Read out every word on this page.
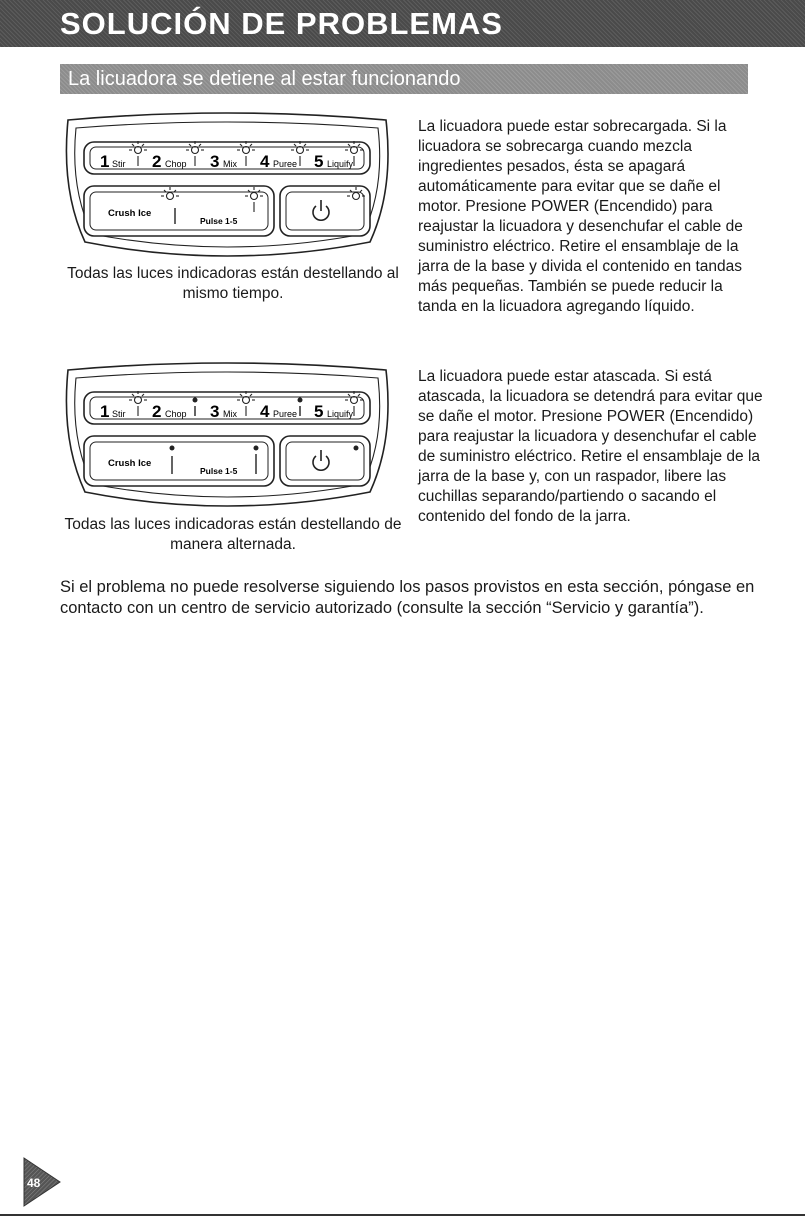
SOLUCIÓN DE PROBLEMAS
La licuadora se detiene al estar funcionando
1 Stir 2 Chop 3 Mix 4 Puree 5 Liquify
Crush Ice
Pulse 1-5
Todas las luces indicadoras están destellando al mismo tiempo.
La licuadora puede estar sobrecargada. Si la licuadora se sobrecarga cuando mezcla ingredientes pesados, ésta se apagará automáticamente para evitar que se dañe el motor. Presione POWER (Encendido) para reajustar la licuadora y desenchufar el cable de suministro eléctrico. Retire el ensamblaje de la jarra de la base y divida el contenido en tandas más pequeñas. También se puede reducir la tanda en la licuadora agregando líquido.
1 Stir 2 Chop 3 Mix 4 Puree 5 Liquify
Crush Ice
Pulse 1-5
Todas las luces indicadoras están destellando de manera alternada.
La licuadora puede estar atascada. Si está atascada, la licuadora se detendrá para evitar que se dañe el motor. Presione POWER (Encendido) para reajustar la licuadora y desenchufar el cable de suministro eléctrico. Retire el ensamblaje de la jarra de la base y, con un raspador, libere las cuchillas separando/partiendo o sacando el contenido del fondo de la jarra.
Si el problema no puede resolverse siguiendo los pasos provistos en esta sección, póngase en contacto con un centro de servicio autorizado (consulte la sección “Servicio y garantía”).
48
